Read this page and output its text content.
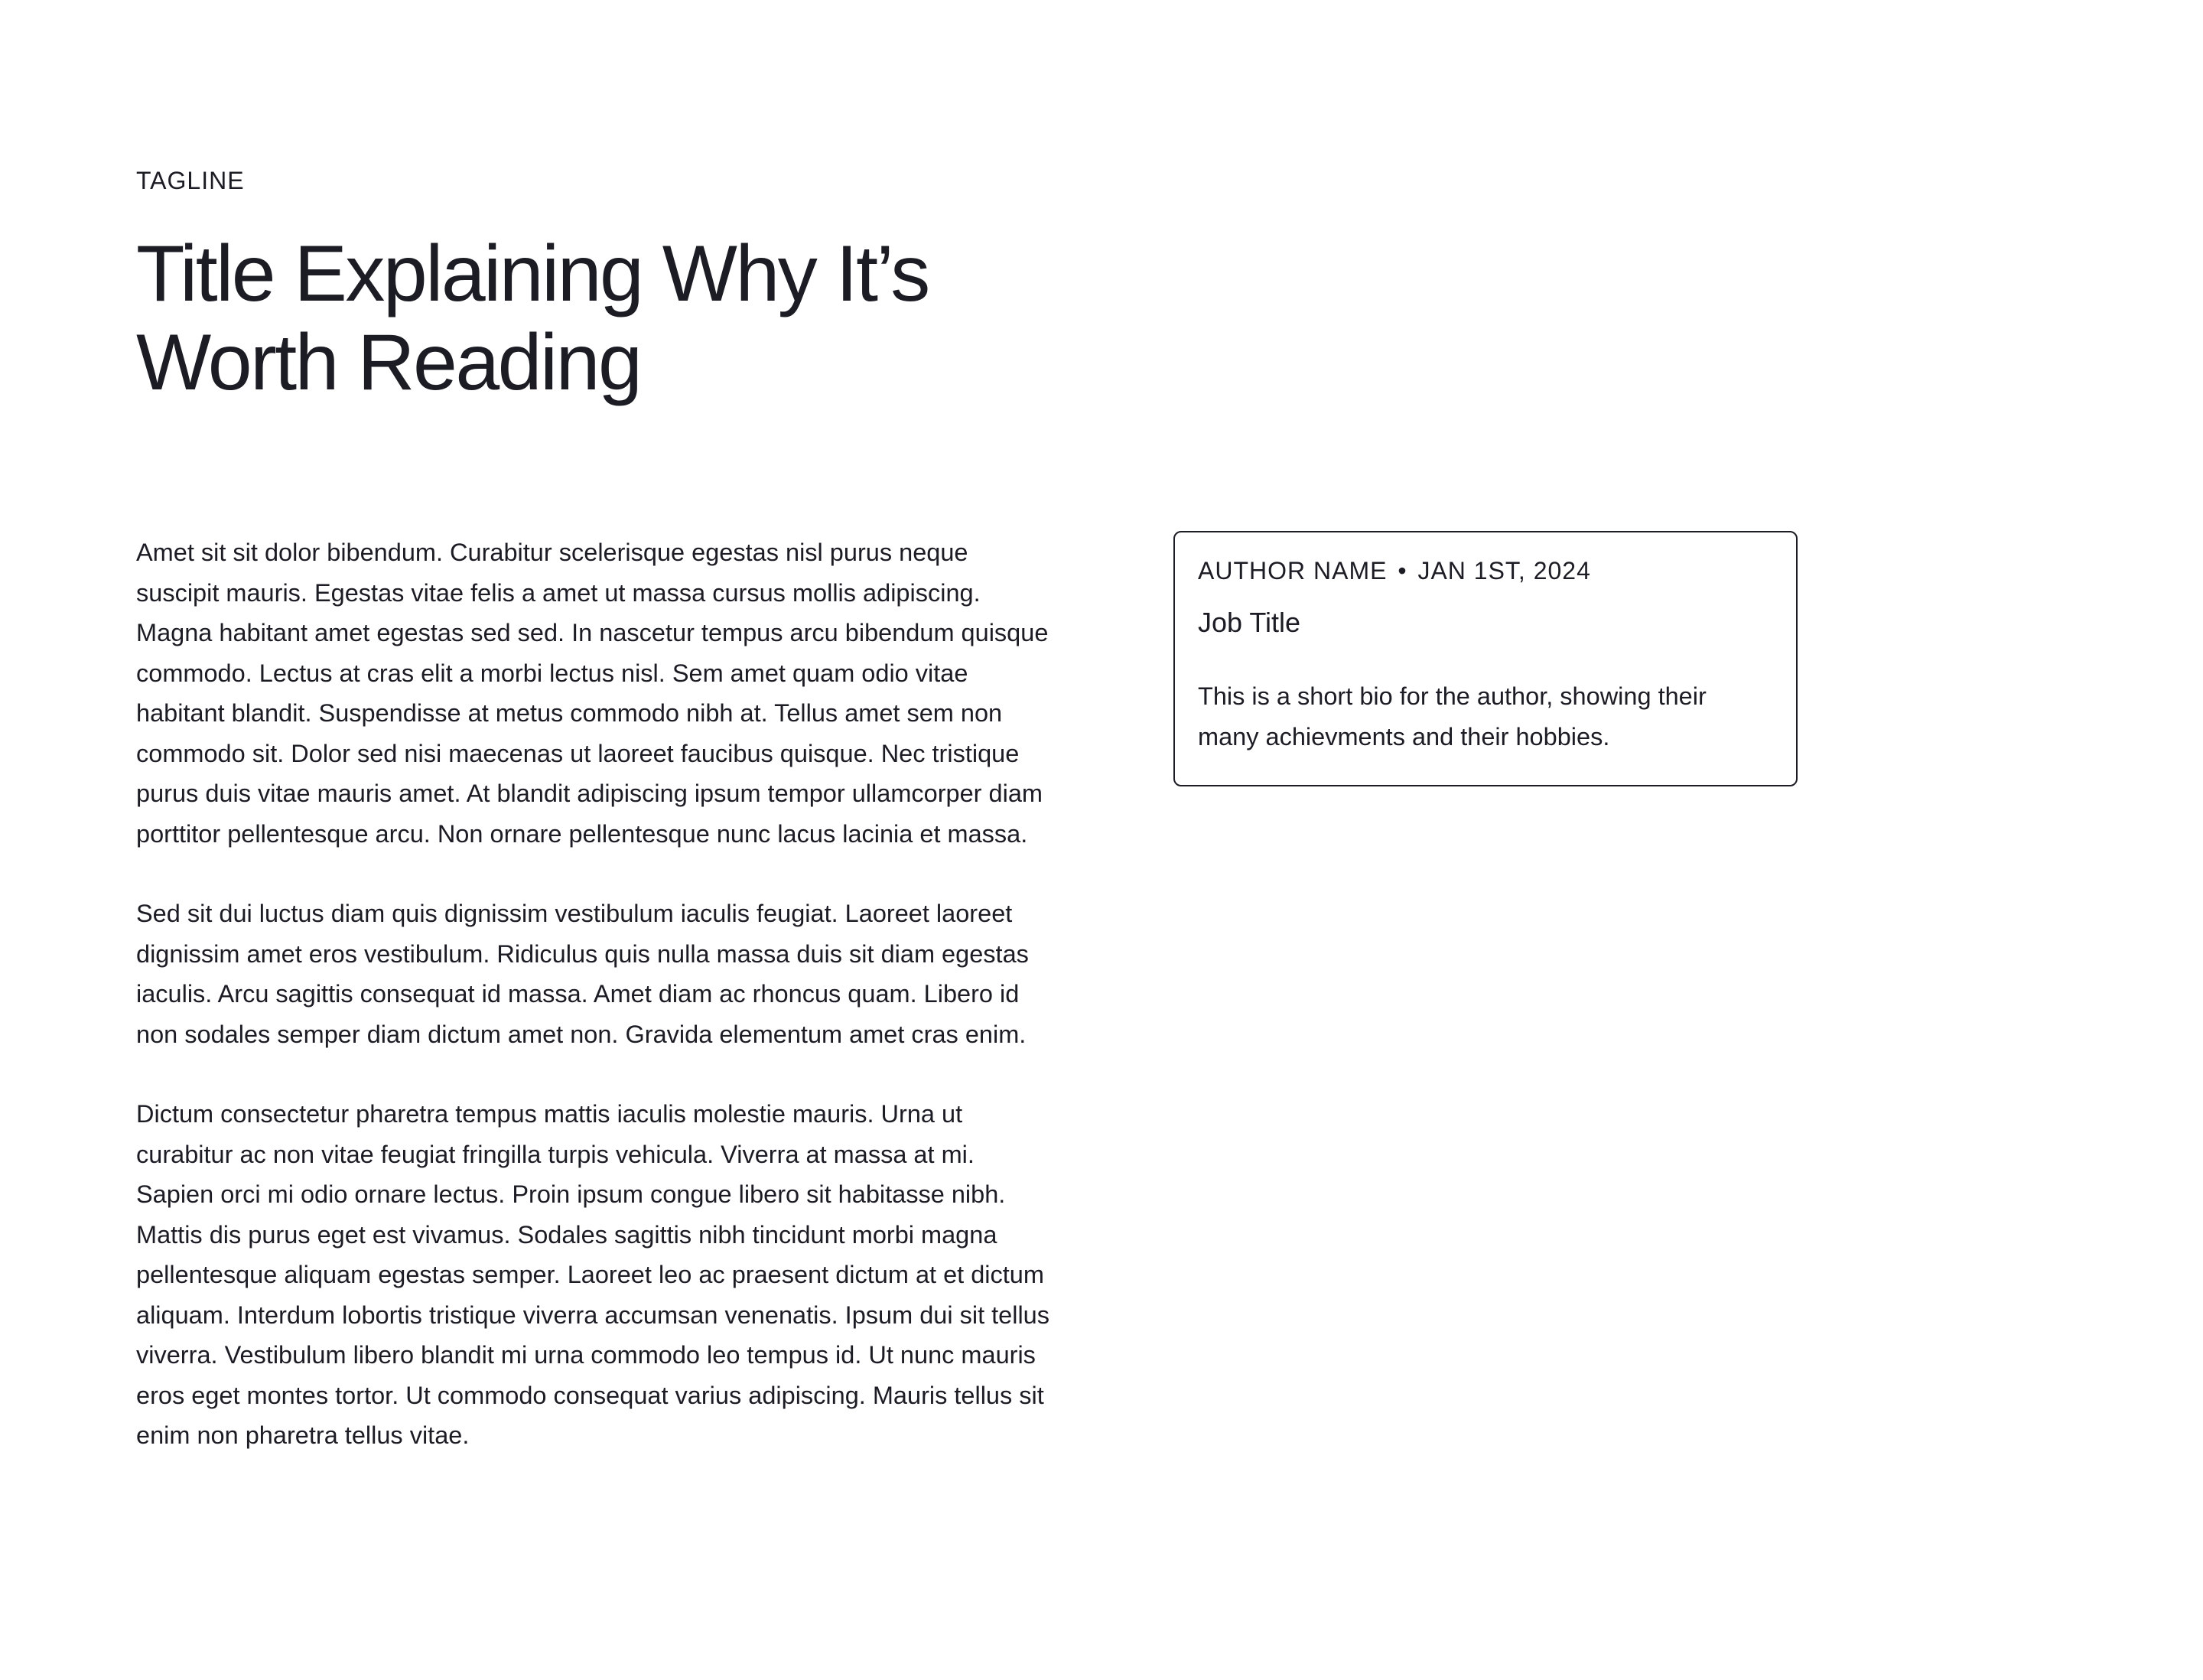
TAGLINE
Title Explaining Why It’s
Worth Reading

Amet sit sit dolor bibendum. Curabitur scelerisque egestas nisl purus neque suscipit mauris. Egestas vitae felis a amet ut massa cursus mollis adipiscing. Magna habitant amet egestas sed sed. In nascetur tempus arcu bibendum quisque commodo. Lectus at cras elit a morbi lectus nisl. Sem amet quam odio vitae habitant blandit. Suspendisse at metus commodo nibh at. Tellus amet sem non commodo sit. Dolor sed nisi maecenas ut laoreet faucibus quisque. Nec tristique purus duis vitae mauris amet. At blandit adipiscing ipsum tempor ullamcorper diam porttitor pellentesque arcu. Non ornare pellentesque nunc lacus lacinia et massa.

Sed sit dui luctus diam quis dignissim vestibulum iaculis feugiat. Laoreet laoreet dignissim amet eros vestibulum. Ridiculus quis nulla massa duis sit diam egestas iaculis. Arcu sagittis consequat id massa. Amet diam ac rhoncus quam. Libero id non sodales semper diam dictum amet non. Gravida elementum amet cras enim.

Dictum consectetur pharetra tempus mattis iaculis molestie mauris. Urna ut curabitur ac non vitae feugiat fringilla turpis vehicula. Viverra at massa at mi. Sapien orci mi odio ornare lectus. Proin ipsum congue libero sit habitasse nibh. Mattis dis purus eget est vivamus. Sodales sagittis nibh tincidunt morbi magna pellentesque aliquam egestas semper. Laoreet leo ac praesent dictum at et dictum aliquam. Interdum lobortis tristique viverra accumsan venenatis. Ipsum dui sit tellus viverra. Vestibulum libero blandit mi urna commodo leo tempus id. Ut nunc mauris eros eget montes tortor. Ut commodo consequat varius adipiscing. Mauris tellus sit enim non pharetra tellus vitae.

AUTHOR NAME • JAN 1ST, 2024
Job Title
This is a short bio for the author, showing their many achievments and their hobbies.
